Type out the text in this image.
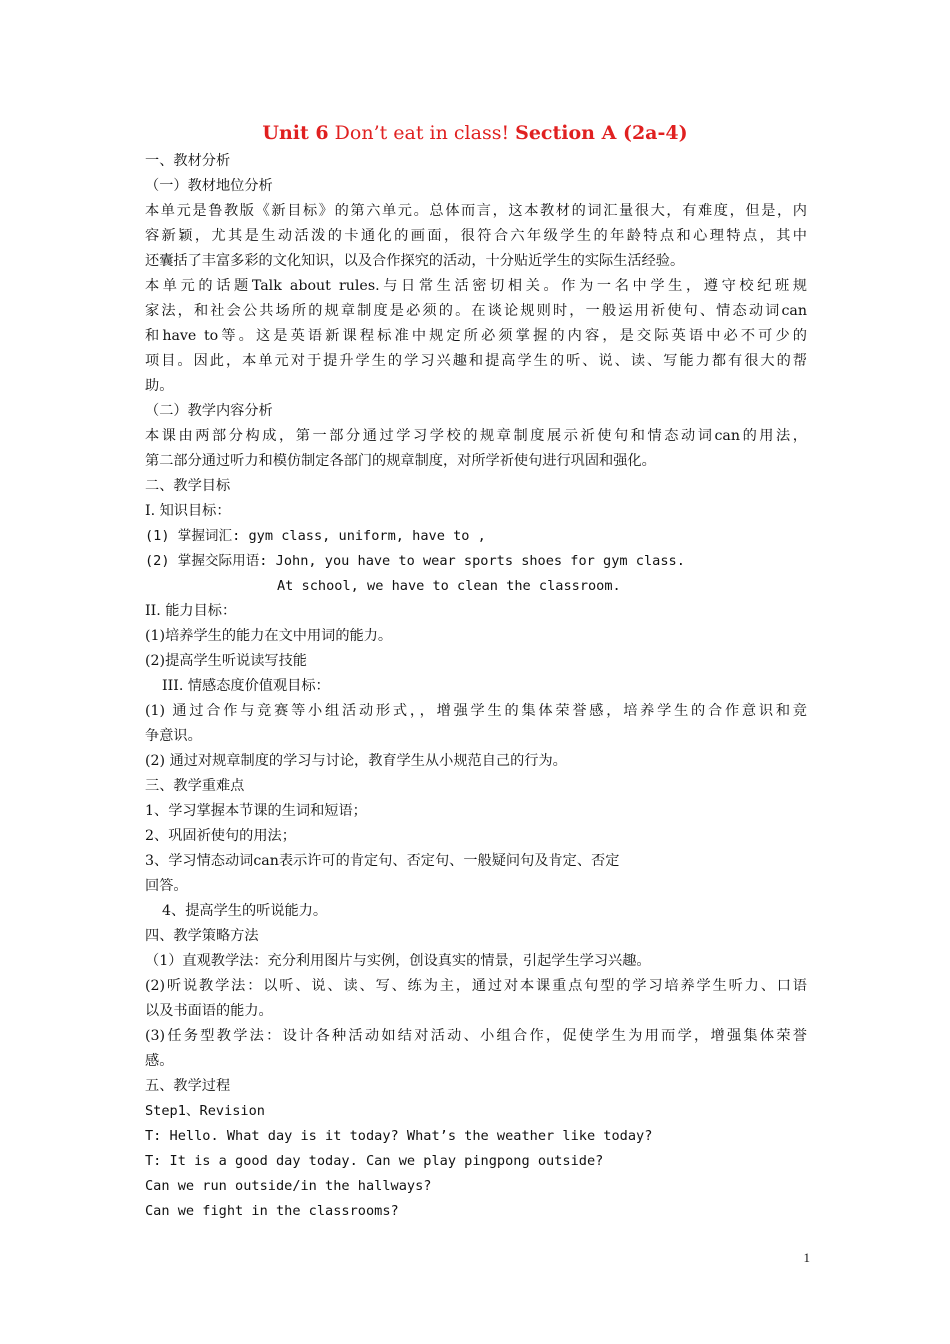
Unit 6 Don’t eat in class! Section A (2a-4)
一、教材分析
（一）教材地位分析
本单元是鲁教版《新目标》的第六单元。总体而言，这本教材的词汇量很大，有难度，但是，内
容新颖，尤其是生动活泼的卡通化的画面，很符合六年级学生的年龄特点和心理特点，其中
还囊括了丰富多彩的文化知识，以及合作探究的活动，十分贴近学生的实际生活经验。
本单元的话题Talk about rules.与日常生活密切相关。作为一名中学生，遵守校纪班规
家法，和社会公共场所的规章制度是必须的。在谈论规则时，一般运用祈使句、情态动词can
和have to等。这是英语新课程标准中规定所必须掌握的内容，是交际英语中必不可少的
项目。因此，本单元对于提升学生的学习兴趣和提高学生的听、说、读、写能力都有很大的帮
助。
（二）教学内容分析
本课由两部分构成，第一部分通过学习学校的规章制度展示祈使句和情态动词can的用法，
第二部分通过听力和模仿制定各部门的规章制度，对所学祈使句进行巩固和强化。
二、教学目标
I. 知识目标：
(1) 掌握词汇: gym class, uniform, have to ,
(2) 掌握交际用语: John, you have to wear sports shoes for gym class.
At school, we have to clean the classroom.
II. 能力目标：
(1)培养学生的能力在文中用词的能力。
(2)提高学生听说读写技能
III. 情感态度价值观目标：
(1) 通过合作与竞赛等小组活动形式，，增强学生的集体荣誉感，培养学生的合作意识和竞
争意识。
(2) 通过对规章制度的学习与讨论，教育学生从小规范自己的行为。
三、教学重难点
1、学习掌握本节课的生词和短语；
2、巩固祈使句的用法；
3、学习情态动词can表示许可的肯定句、否定句、一般疑问句及肯定、否定
回答。
4、提高学生的听说能力。
四、教学策略方法
（1）直观教学法：充分利用图片与实例，创设真实的情景，引起学生学习兴趣。
(2)听说教学法：以听、说、读、写、练为主，通过对本课重点句型的学习培养学生听力、口语
以及书面语的能力。
(3)任务型教学法：设计各种活动如结对活动、小组合作，促使学生为用而学，增强集体荣誉
感。
五、教学过程
Step1、Revision
T: Hello. What day is it today? What’s the weather like today?
T: It is a good day today. Can we play pingpong outside?
Can we run outside/in the hallways?
Can we fight in the classrooms?
1
